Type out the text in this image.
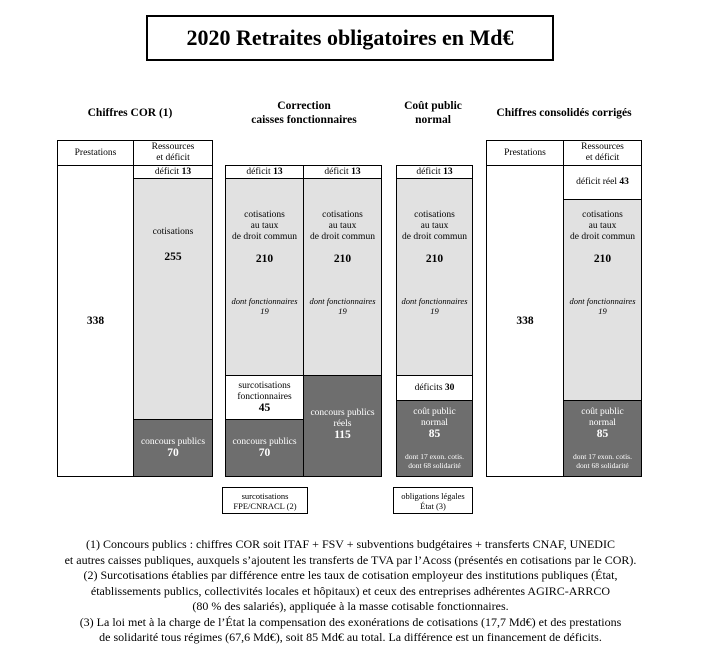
2020 Retraites obligatoires en Md€
Chiffres COR (1)
Correction
caisses fonctionnaires
Coût public
normal
Chiffres consolidés corrigés
Prestations
Ressources
et déficit
338
déficit 13
cotisations
255
concours publics
70
déficit 13
cotisations
au taux
de droit commun
210
dont fonctionnaires
19
surcotisations
fonctionnaires
45
concours publics
70
déficit 13
cotisations
au taux
de droit commun
210
dont fonctionnaires
19
concours publics
réels
115
surcotisations
FPE/CNRACL (2)
déficit 13
cotisations
au taux
de droit commun
210
dont fonctionnaires
19
déficits 30
coût public
normal
85
dont 17 exon. cotis.
dont 68 solidarité
obligations légales
État (3)
Prestations
Ressources
et déficit
338
déficit réel 43
cotisations
au taux
de droit commun
210
dont fonctionnaires
19
coût public
normal
85
dont 17 exon. cotis.
dont 68 solidarité
(1) Concours publics : chiffres COR soit ITAF + FSV + subventions budgétaires + transferts CNAF, UNEDIC
et autres caisses publiques, auxquels s’ajoutent les transferts de TVA par l’Acoss (présentés en cotisations par le COR).
(2) Surcotisations établies par différence entre les taux de cotisation employeur des institutions publiques (État,
établissements publics, collectivités locales et hôpitaux) et ceux des entreprises adhérentes AGIRC-ARRCO
(80 % des salariés), appliquée à la masse cotisable fonctionnaires.
(3) La loi met à la charge de l’État la compensation des exonérations de cotisations (17,7 Md€) et des prestations
de solidarité tous régimes (67,6 Md€), soit 85 Md€ au total. La différence est un financement de déficits.
